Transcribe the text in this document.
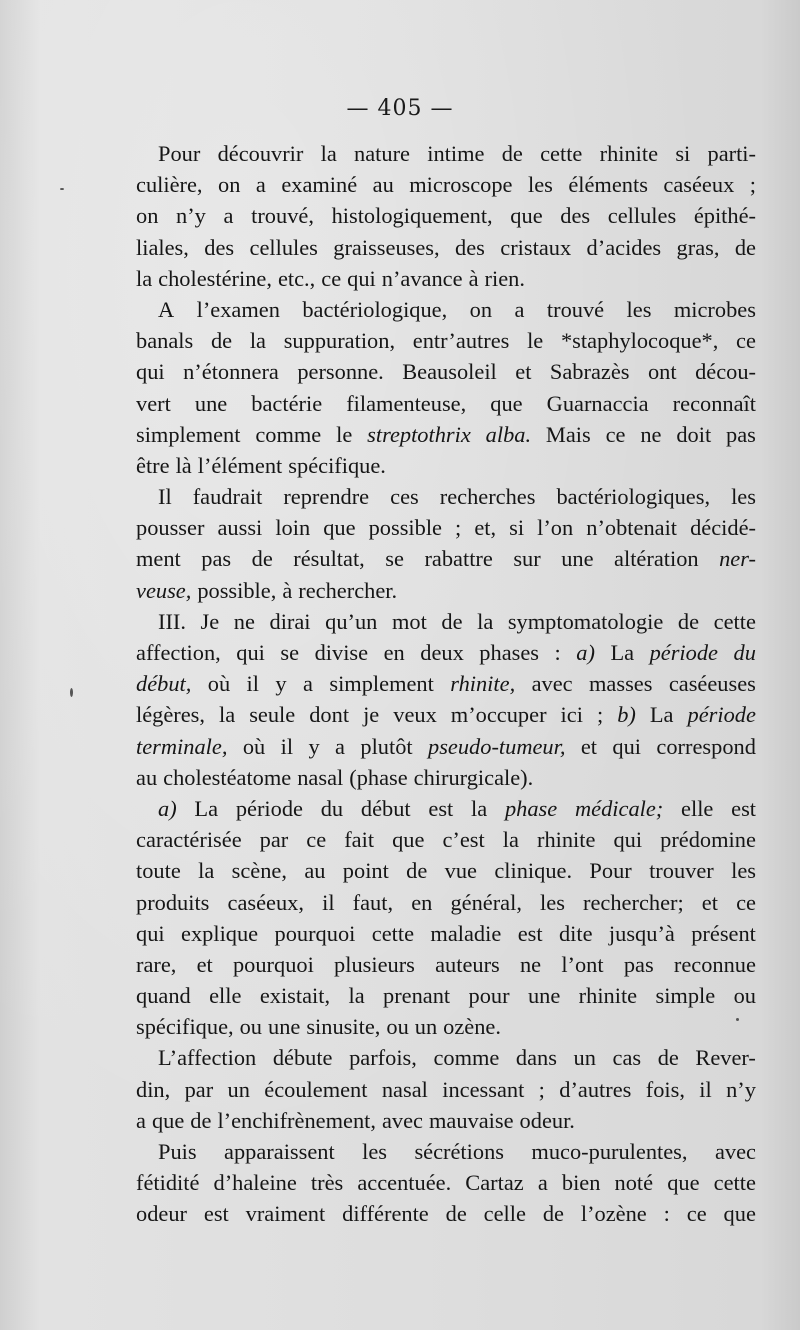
— 405 —
Pour découvrir la nature intime de cette rhinite si parti-
culière, on a examiné au microscope les éléments caséeux ;
on n’y a trouvé, histologiquement, que des cellules épithé-
liales, des cellules graisseuses, des cristaux d’acides gras, de
la cholestérine, etc., ce qui n’avance à rien.
A l’examen bactériologique, on a trouvé les microbes
banals de la suppuration, entr’autres le *staphylocoque*, ce
qui n’étonnera personne. Beausoleil et Sabrazès ont décou-
vert une bactérie filamenteuse, que Guarnaccia reconnaît
simplement comme le streptothrix alba. Mais ce ne doit pas
être là l’élément spécifique.
Il faudrait reprendre ces recherches bactériologiques, les
pousser aussi loin que possible ; et, si l’on n’obtenait décidé-
ment pas de résultat, se rabattre sur une altération ner-
veuse, possible, à rechercher.
III. Je ne dirai qu’un mot de la symptomatologie de cette
affection, qui se divise en deux phases : a) La période du
début, où il y a simplement rhinite, avec masses caséeuses
légères, la seule dont je veux m’occuper ici ; b) La période
terminale, où il y a plutôt pseudo-tumeur, et qui correspond
au cholestéatome nasal (phase chirurgicale).
a) La période du début est la phase médicale; elle est
caractérisée par ce fait que c’est la rhinite qui prédomine
toute la scène, au point de vue clinique. Pour trouver les
produits caséeux, il faut, en général, les rechercher; et ce
qui explique pourquoi cette maladie est dite jusqu’à présent
rare, et pourquoi plusieurs auteurs ne l’ont pas reconnue
quand elle existait, la prenant pour une rhinite simple ou
spécifique, ou une sinusite, ou un ozène.
L’affection débute parfois, comme dans un cas de Rever-
din, par un écoulement nasal incessant ; d’autres fois, il n’y
a que de l’enchifrènement, avec mauvaise odeur.
Puis apparaissent les sécrétions muco-purulentes, avec
fétidité d’haleine très accentuée. Cartaz a bien noté que cette
odeur est vraiment différente de celle de l’ozène : ce que
